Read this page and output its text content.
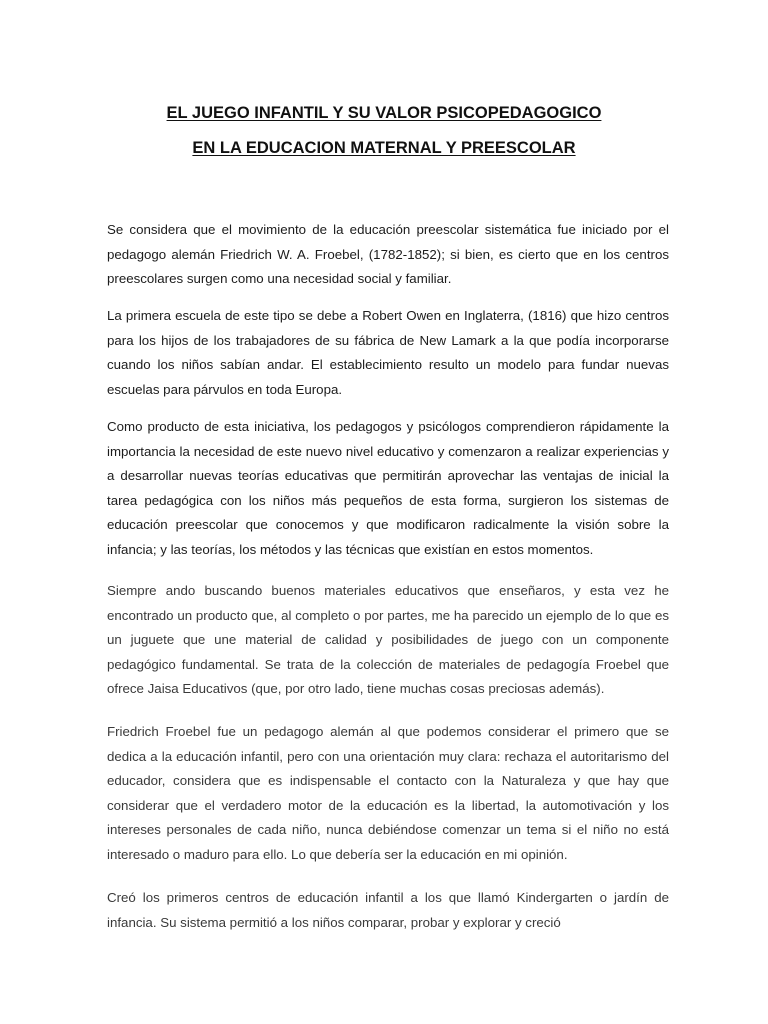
EL JUEGO INFANTIL Y SU VALOR PSICOPEDAGOGICO
EN LA EDUCACION MATERNAL Y PREESCOLAR

Se considera que el movimiento de la educación preescolar sistemática fue iniciado por el pedagogo alemán Friedrich W. A. Froebel, (1782-1852); si bien, es cierto que en los centros preescolares surgen como una necesidad social y familiar.

La primera escuela de este tipo se debe a Robert Owen en Inglaterra, (1816) que hizo centros para los hijos de los trabajadores de su fábrica de New Lamark a la que podía incorporarse cuando los niños sabían andar. El establecimiento resulto un modelo para fundar nuevas escuelas para párvulos en toda Europa.

Como producto de esta iniciativa, los pedagogos y psicólogos comprendieron rápidamente la importancia la necesidad de este nuevo nivel educativo y comenzaron a realizar experiencias y a desarrollar nuevas teorías educativas que permitirán aprovechar las ventajas de inicial la tarea pedagógica con los niños más pequeños de esta forma, surgieron los sistemas de educación preescolar que conocemos y que modificaron radicalmente la visión sobre la infancia; y las teorías, los métodos y las técnicas que existían en estos momentos.

Siempre ando buscando buenos materiales educativos que enseñaros, y esta vez he encontrado un producto que, al completo o por partes, me ha parecido un ejemplo de lo que es un juguete que une material de calidad y posibilidades de juego con un componente pedagógico fundamental. Se trata de la colección de materiales de pedagogía Froebel que ofrece Jaisa Educativos (que, por otro lado, tiene muchas cosas preciosas además).

Friedrich Froebel fue un pedagogo alemán al que podemos considerar el primero que se dedica a la educación infantil, pero con una orientación muy clara: rechaza el autoritarismo del educador, considera que es indispensable el contacto con la Naturaleza y que hay que considerar que el verdadero motor de la educación es la libertad, la automotivación y los intereses personales de cada niño, nunca debiéndose comenzar un tema si el niño no está interesado o maduro para ello. Lo que debería ser la educación en mi opinión.

Creó los primeros centros de educación infantil a los que llamó Kindergarten o jardín de infancia. Su sistema permitió a los niños comparar, probar y explorar y creció
